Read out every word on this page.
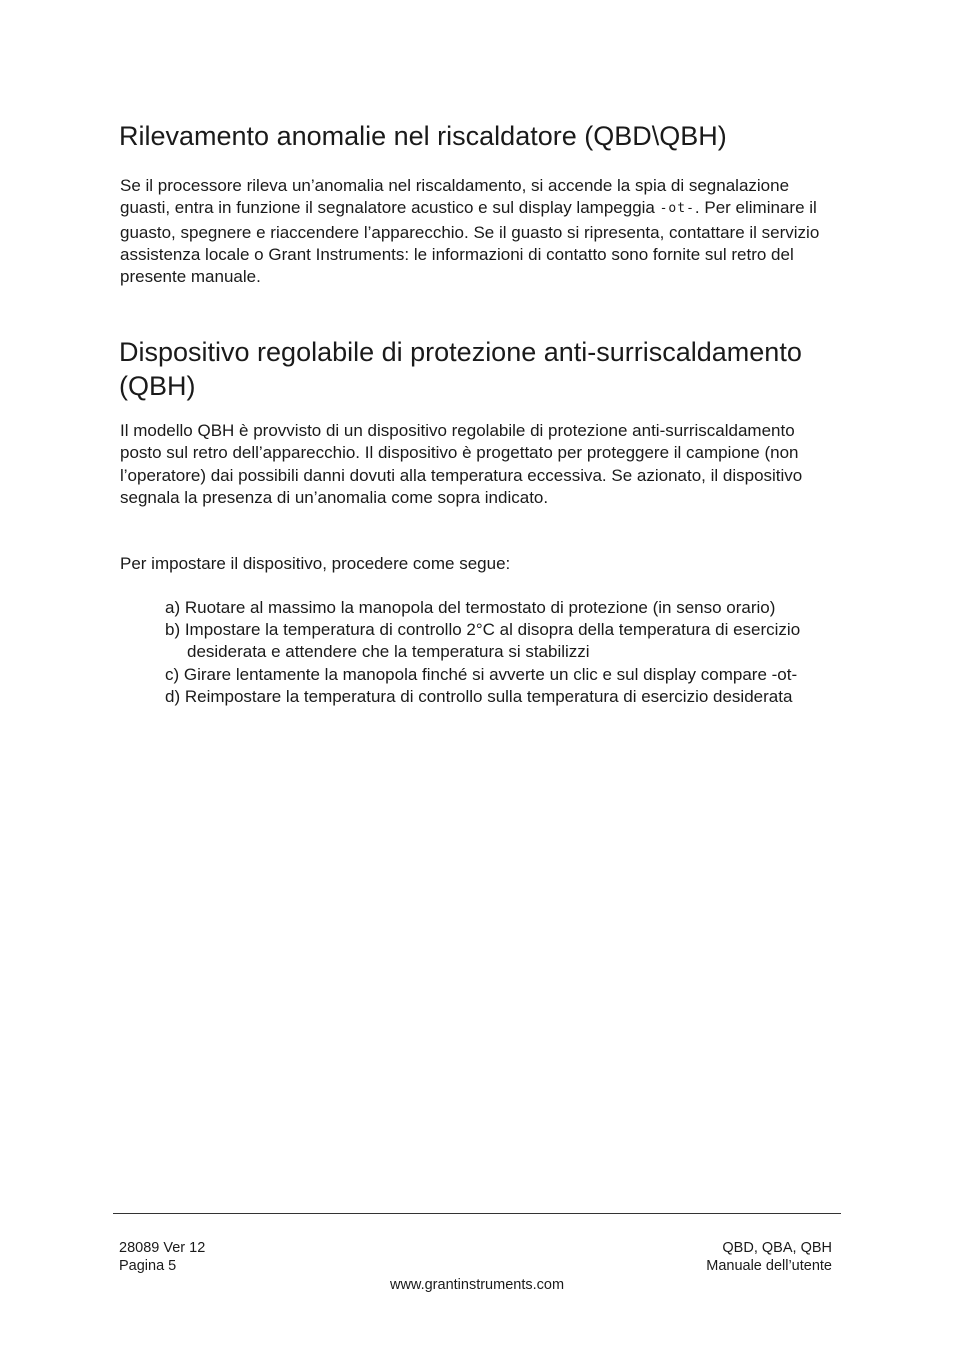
Rilevamento anomalie nel riscaldatore (QBD\QBH)

Se il processore rileva un’anomalia nel riscaldamento, si accende la spia di segnalazione guasti, entra in funzione il segnalatore acustico e sul display lampeggia -ot-. Per eliminare il guasto, spegnere e riaccendere l’apparecchio. Se il guasto si ripresenta, contattare il servizio assistenza locale o Grant Instruments: le informazioni di contatto sono fornite sul retro del presente manuale.

Dispositivo regolabile di protezione anti-surriscaldamento (QBH)

Il modello QBH è provvisto di un dispositivo regolabile di protezione anti-surriscaldamento posto sul retro dell’apparecchio. Il dispositivo è progettato per proteggere il campione (non l’operatore) dai possibili danni dovuti alla temperatura eccessiva. Se azionato, il dispositivo segnala la presenza di un’anomalia come sopra indicato.

Per impostare il dispositivo, procedere come segue:

a) Ruotare al massimo la manopola del termostato di protezione (in senso orario)
b) Impostare la temperatura di controllo 2°C al disopra della temperatura di esercizio desiderata e attendere che la temperatura si stabilizzi
c) Girare lentamente la manopola finché si avverte un clic e sul display compare -ot-
d) Reimpostare la temperatura di controllo sulla temperatura di esercizio desiderata
28089 Ver 12
Pagina 5
QBD, QBA, QBH
Manuale dell’utente
www.grantinstruments.com
